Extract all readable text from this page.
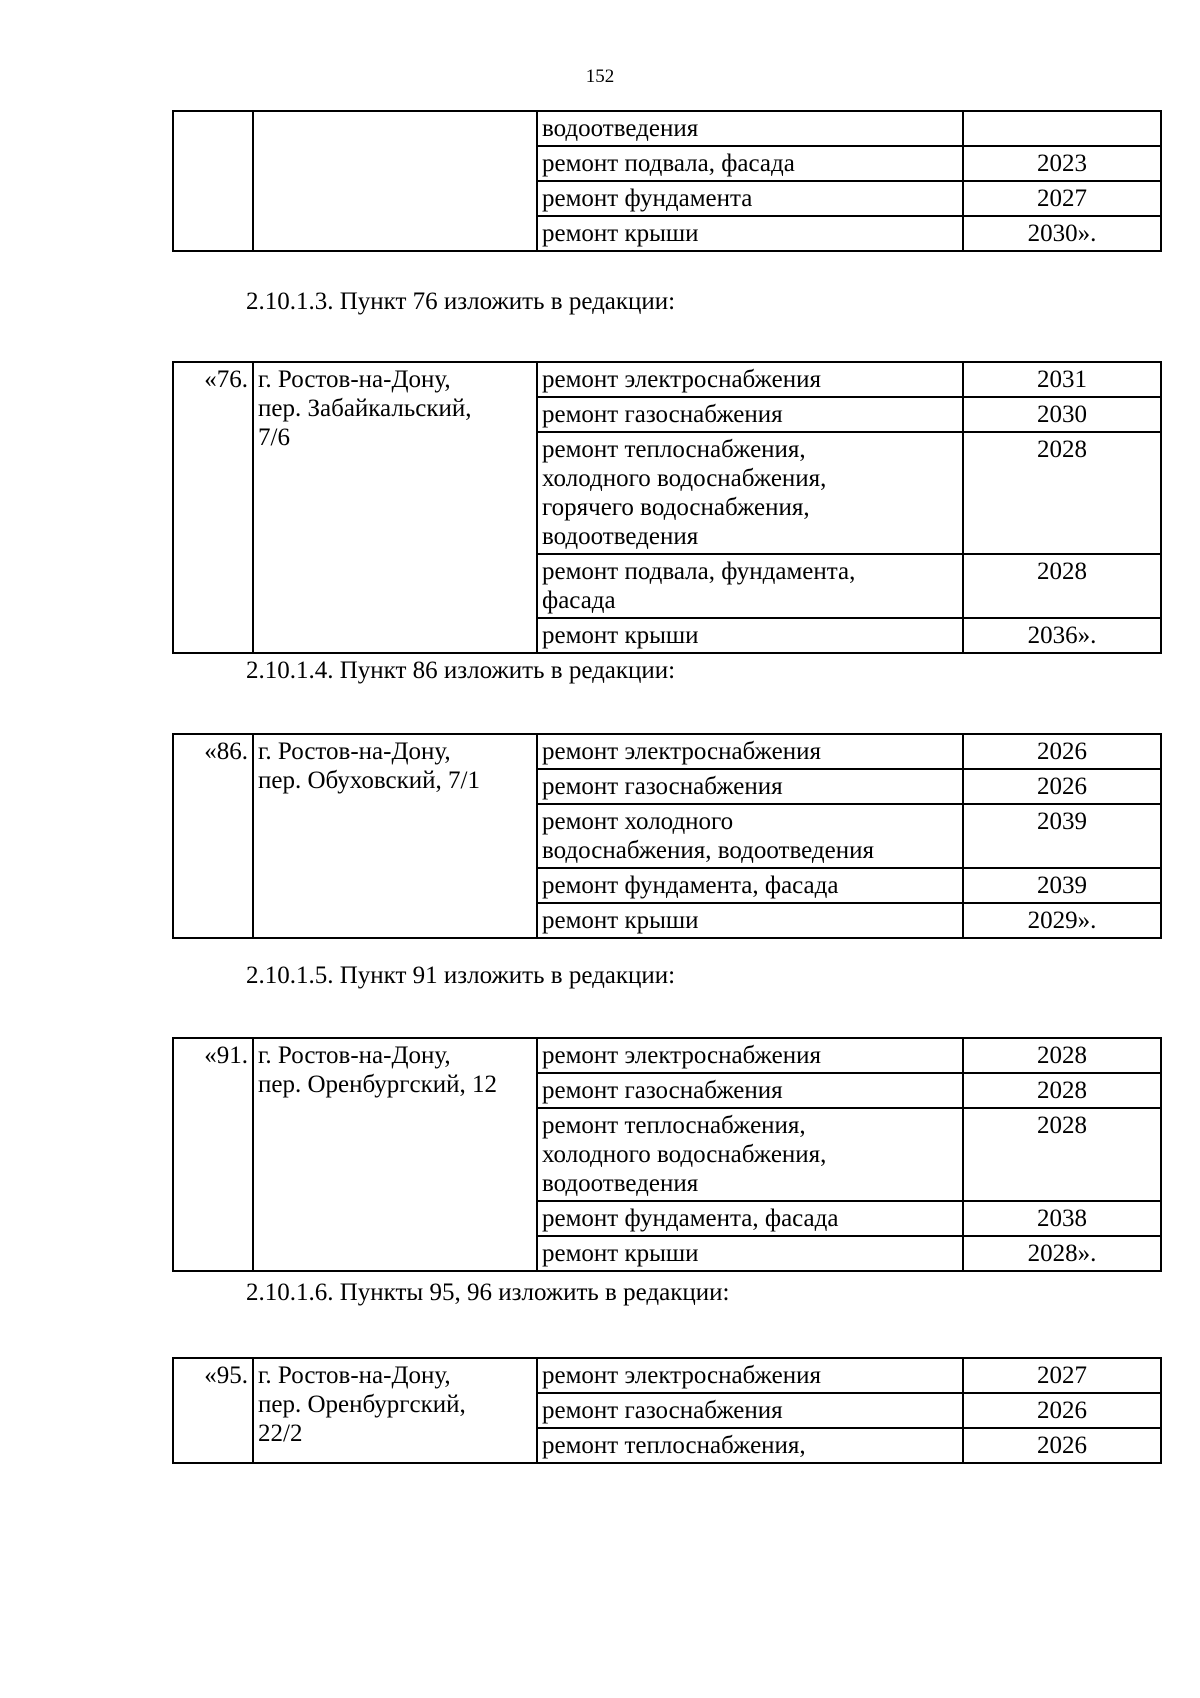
152

		водоотведения	

		ремонт подвала, фасада	2023

		ремонт фундамента	2027

		ремонт крыши	2030».
2.10.1.3. Пункт 76 изложить в редакции:
«76.	г. Ростов-на-Дону,
пер. Забайкальский,
7/6	ремонт электроснабжения	2031

		ремонт газоснабжения	2030

		ремонт теплоснабжения,
холодного водоснабжения,
горячего водоснабжения,
водоотведения	2028

		ремонт подвала, фундамента,
фасада	2028

		ремонт крыши	2036».
2.10.1.4. Пункт 86 изложить в редакции:
«86.	г. Ростов-на-Дону,
пер. Обуховский, 7/1	ремонт электроснабжения	2026

		ремонт газоснабжения	2026

		ремонт холодного
водоснабжения, водоотведения	2039

		ремонт фундамента, фасада	2039

		ремонт крыши	2029».
2.10.1.5. Пункт 91 изложить в редакции:
«91.	г. Ростов-на-Дону,
пер. Оренбургский, 12	ремонт электроснабжения	2028

		ремонт газоснабжения	2028

		ремонт теплоснабжения,
холодного водоснабжения,
водоотведения	2028

		ремонт фундамента, фасада	2038

		ремонт крыши	2028».
2.10.1.6. Пункты 95, 96 изложить в редакции:
«95.	г. Ростов-на-Дону,
пер. Оренбургский,
22/2	ремонт электроснабжения	2027

		ремонт газоснабжения	2026

		ремонт теплоснабжения,	2026
